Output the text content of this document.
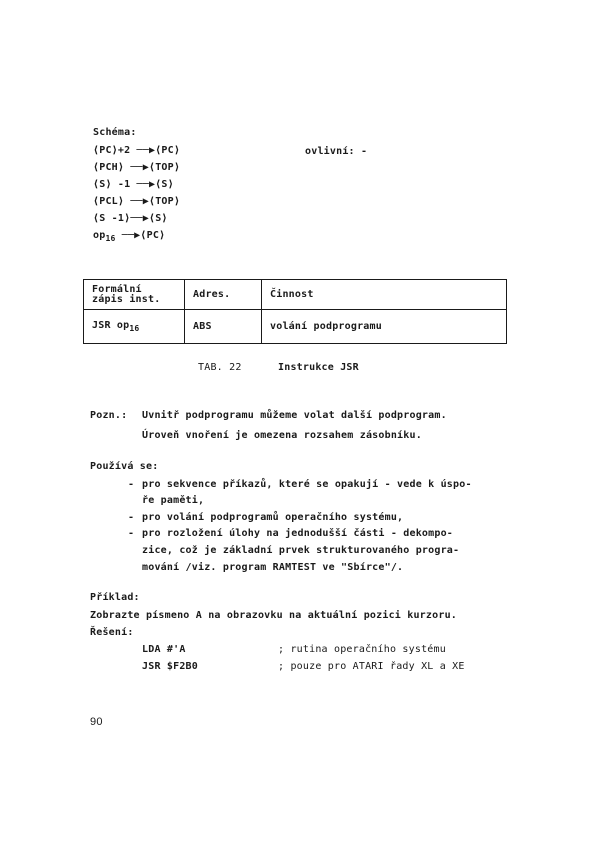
Schéma:
⟨PC⟩+2 ──▶⟨PC⟩
⟨PCH⟩ ──▶⟨TOP⟩
⟨S⟩ -1 ──▶⟨S⟩
⟨PCL⟩ ──▶⟨TOP⟩
⟨S -1⟩──▶⟨S⟩
$op_{16}$ ──▶⟨PC⟩
ovlivní: -
Formální
zápis inst.	Adres.	Činnost
JSR $op_{16}$	ABS	volání podprogramu
TAB. 22	Instrukce JSR
Pozn.: Uvnitř podprogramu můžeme volat další podprogram.
Úroveň vnoření je omezena rozsahem zásobníku.
Používá se:
- pro sekvence příkazů, které se opakují - vede k úspo-
ře paměti,
- pro volání podprogramů operačního systému,
- pro rozložení úlohy na jednodušší části - dekompo-
zice, což je základní prvek strukturovaného progra-
mování /viz. program RAMTEST ve "Sbírce"/.
Příklad:
Zobrazte písmeno A na obrazovku na aktuální pozici kurzoru.
Řešení:
LDA #'A	; rutina operačního systému
JSR $F2B0	; pouze pro ATARI řady XL a XE
90
